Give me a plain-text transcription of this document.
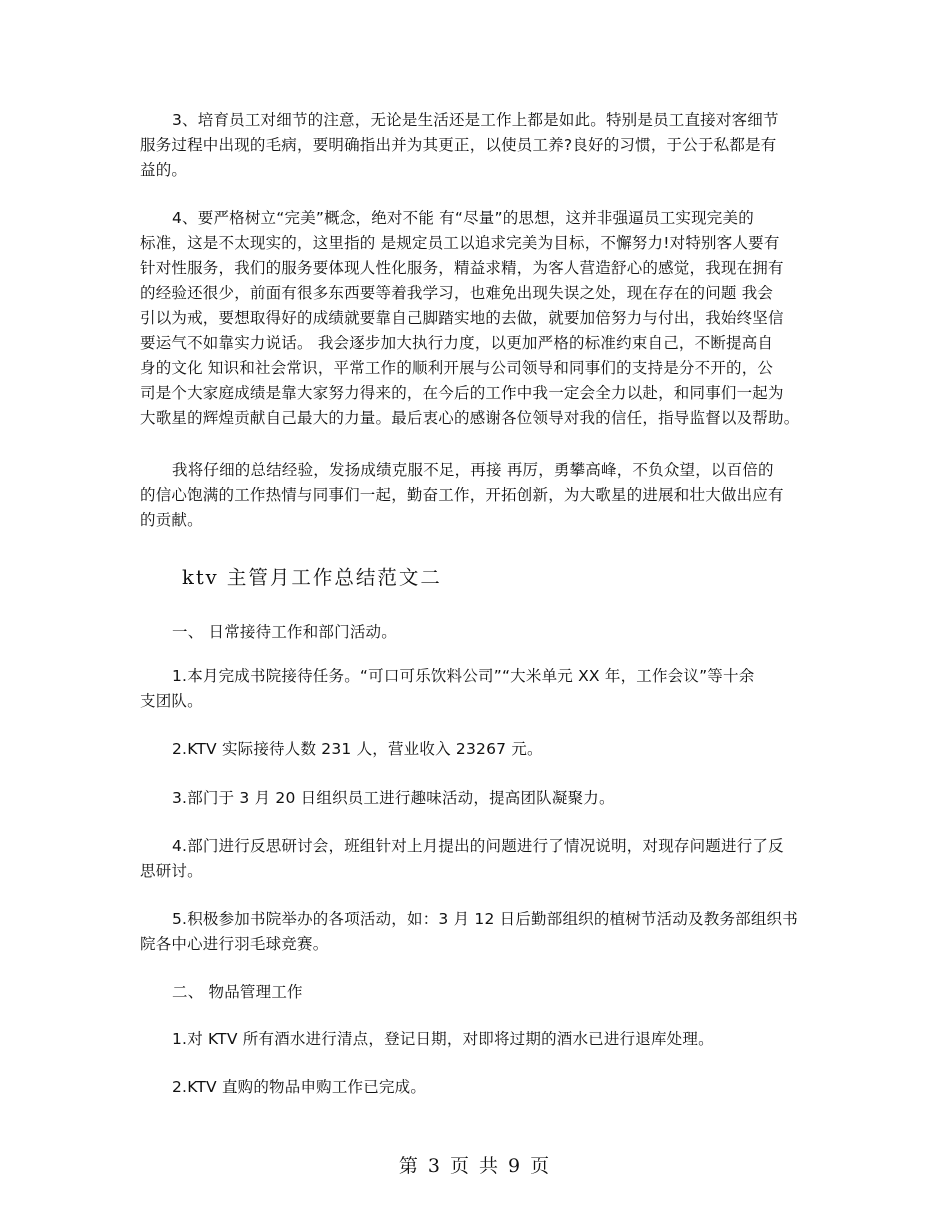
3、培育员工对细节的注意，无论是生活还是工作上都是如此。特别是员工直接对客细节
服务过程中出现的毛病，要明确指出并为其更正，以使员工养?良好的习惯，于公于私都是有
益的。
4、要严格树立“完美”概念，绝对不能 有“尽量”的思想，这并非强逼员工实现完美的
标准，这是不太现实的，这里指的 是规定员工以追求完美为目标，不懈努力!对特别客人要有
针对性服务，我们的服务要体现人性化服务，精益求精，为客人营造舒心的感觉，我现在拥有
的经验还很少，前面有很多东西要等着我学习，也难免出现失误之处，现在存在的问题 我会
引以为戒，要想取得好的成绩就要靠自己脚踏实地的去做，就要加倍努力与付出，我始终坚信
要运气不如靠实力说话。 我会逐步加大执行力度，以更加严格的标准约束自己，不断提高自
身的文化 知识和社会常识，平常工作的顺利开展与公司领导和同事们的支持是分不开的，公
司是个大家庭成绩是靠大家努力得来的，在今后的工作中我一定会全力以赴，和同事们一起为
大歌星的辉煌贡献自己最大的力量。最后衷心的感谢各位领导对我的信任，指导监督以及帮助。
我将仔细的总结经验，发扬成绩克服不足，再接 再厉，勇攀高峰，不负众望，以百倍的
的信心饱满的工作热情与同事们一起，勤奋工作，开拓创新，为大歌星的进展和壮大做出应有
的贡献。
ktv 主管月工作总结范文二
一、 日常接待工作和部门活动。
1.本月完成书院接待任务。“可口可乐饮料公司”“大米单元 XX 年，工作会议”等十余
支团队。
2.KTV 实际接待人数 231 人，营业收入 23267 元。
3.部门于 3 月 20 日组织员工进行趣味活动，提高团队凝聚力。
4.部门进行反思研讨会，班组针对上月提出的问题进行了情况说明，对现存问题进行了反
思研讨。
5.积极参加书院举办的各项活动，如：3 月 12 日后勤部组织的植树节活动及教务部组织书
院各中心进行羽毛球竞赛。
二、 物品管理工作
1.对 KTV 所有酒水进行清点，登记日期，对即将过期的酒水已进行退库处理。
2.KTV 直购的物品申购工作已完成。
第 3 页 共 9 页
